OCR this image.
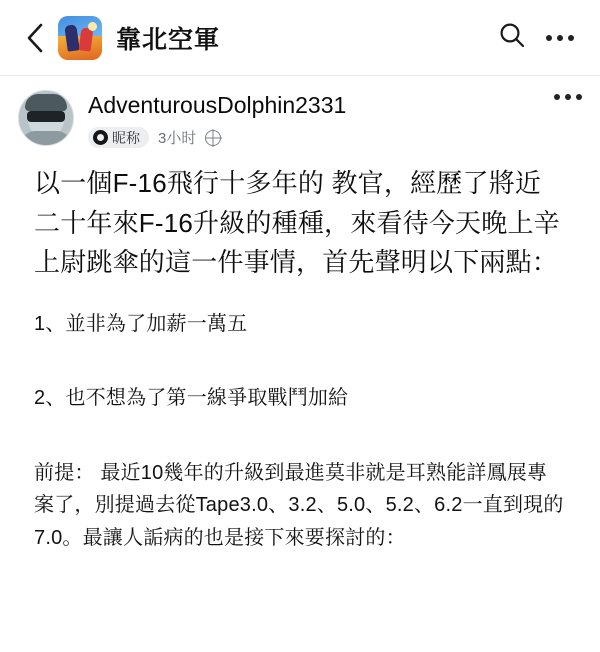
靠北空軍
AdventurousDolphin2331
昵称 3小时

以一個F-16飛行十多年的 教官，經歷了將近二十年來F-16升級的種種，來看待今天晚上辛上尉跳傘的這一件事情，首先聲明以下兩點：

1、並非為了加薪一萬五

2、也不想為了第一線爭取戰鬥加給

前提： 最近10幾年的升級到最進莫非就是耳熟能詳鳳展專案了，別提過去從Tape3.0、3.2、5.0、5.2、6.2一直到現的7.0。最讓人詬病的也是接下來要探討的：
